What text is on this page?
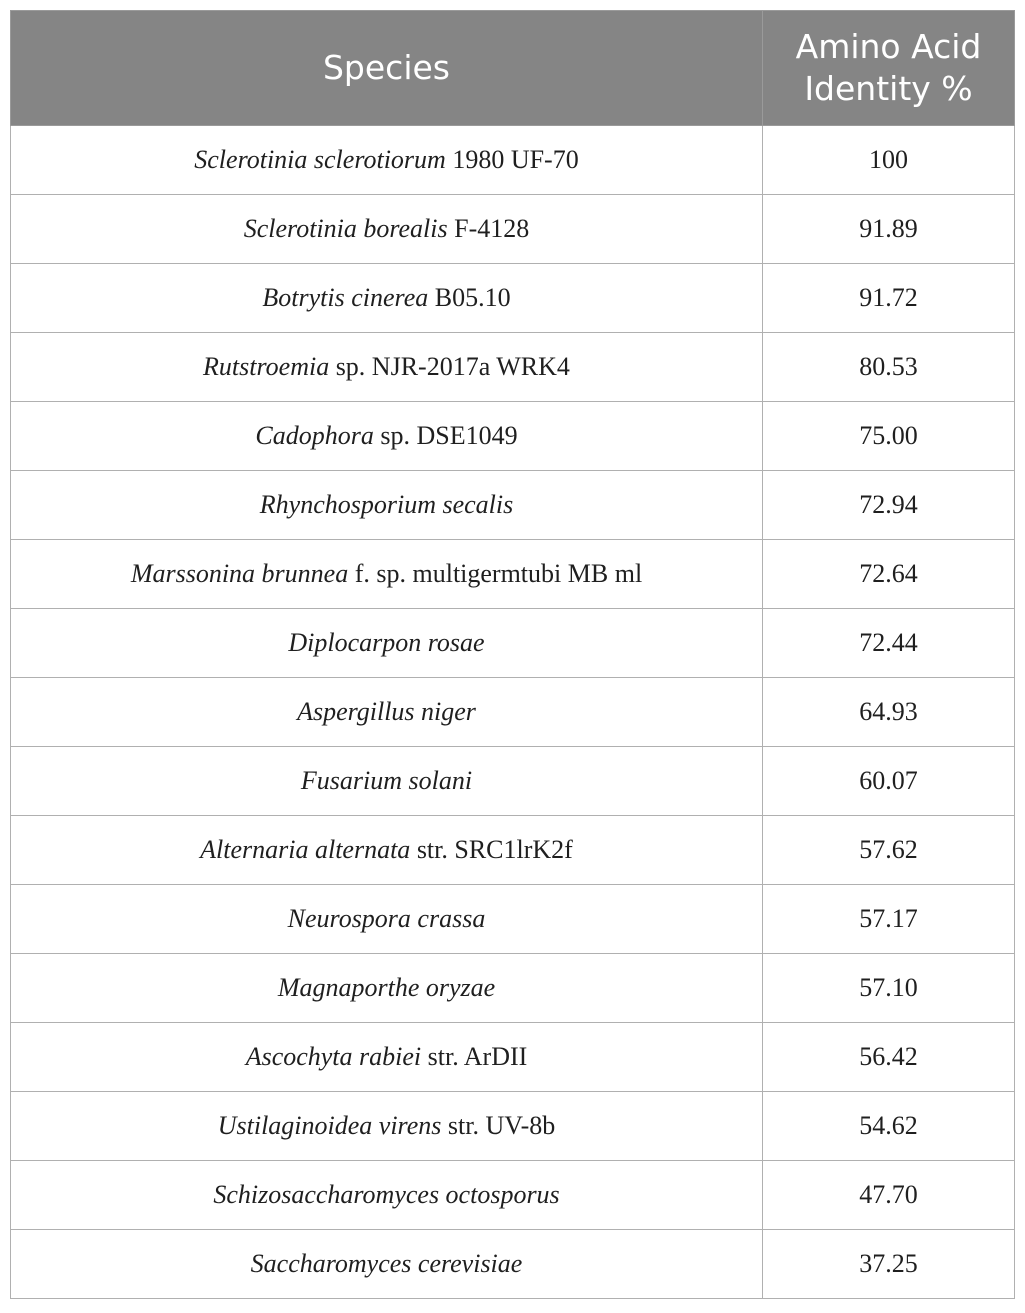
Species	Amino Acid
Identity %

Sclerotinia sclerotiorum 1980 UF-70	100
Sclerotinia borealis F-4128	91.89
Botrytis cinerea B05.10	91.72
Rutstroemia sp. NJR-2017a WRK4	80.53
Cadophora sp. DSE1049	75.00
Rhynchosporium secalis	72.94
Marssonina brunnea f. sp. multigermtubi MB ml	72.64
Diplocarpon rosae	72.44
Aspergillus niger	64.93
Fusarium solani	60.07
Alternaria alternata str. SRC1lrK2f	57.62
Neurospora crassa	57.17
Magnaporthe oryzae	57.10
Ascochyta rabiei str. ArDII	56.42
Ustilaginoidea virens str. UV-8b	54.62
Schizosaccharomyces octosporus	47.70
Saccharomyces cerevisiae	37.25
